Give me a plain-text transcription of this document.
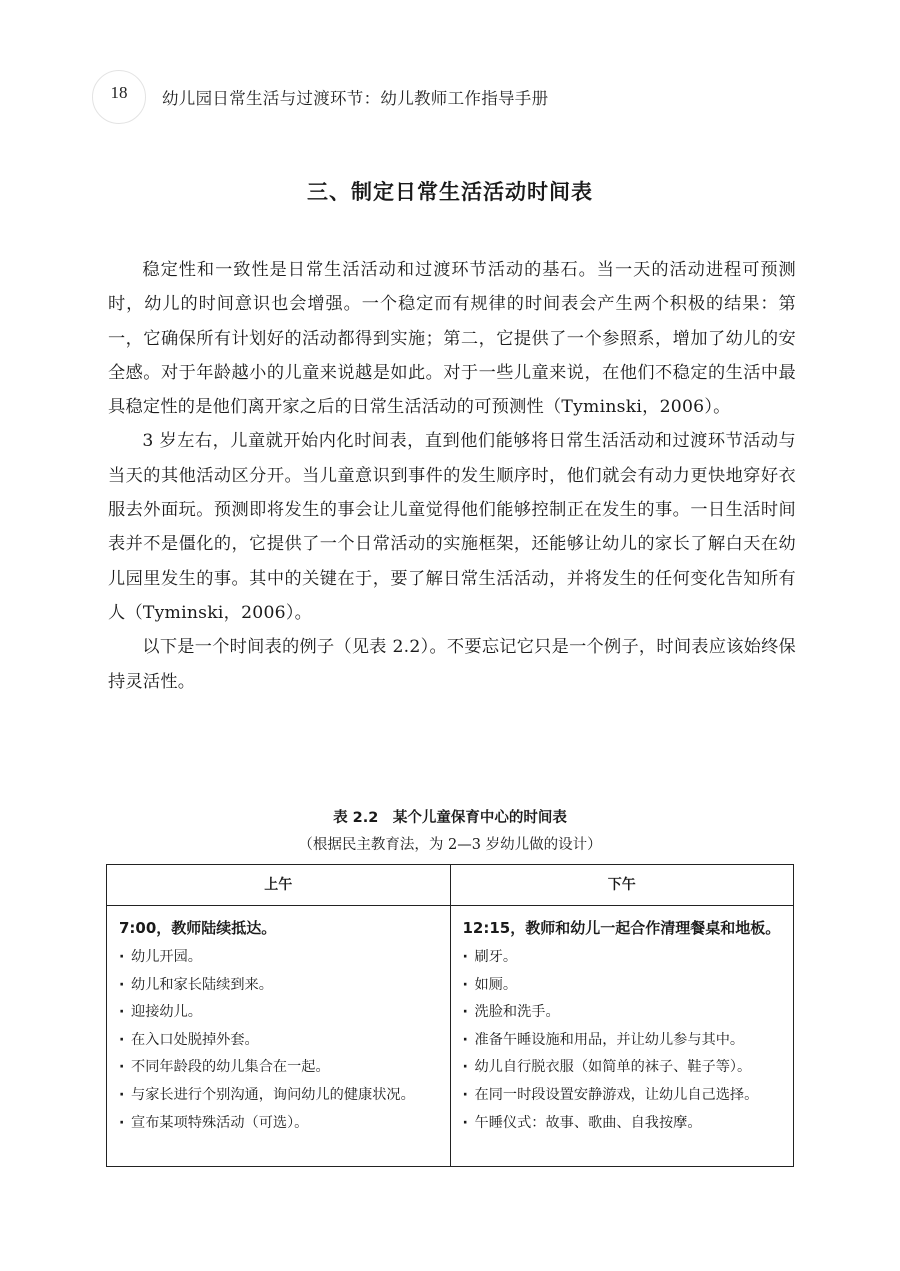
18	幼儿园日常生活与过渡环节：幼儿教师工作指导手册
三、制定日常生活活动时间表

稳定性和一致性是日常生活活动和过渡环节活动的基石。当一天的活动进程可预测时，幼儿的时间意识也会增强。一个稳定而有规律的时间表会产生两个积极的结果：第一，它确保所有计划好的活动都得到实施；第二，它提供了一个参照系，增加了幼儿的安全感。对于年龄越小的儿童来说越是如此。对于一些儿童来说，在他们不稳定的生活中最具稳定性的是他们离开家之后的日常生活活动的可预测性（Tyminski，2006）。

3 岁左右，儿童就开始内化时间表，直到他们能够将日常生活活动和过渡环节活动与当天的其他活动区分开。当儿童意识到事件的发生顺序时，他们就会有动力更快地穿好衣服去外面玩。预测即将发生的事会让儿童觉得他们能够控制正在发生的事。一日生活时间表并不是僵化的，它提供了一个日常活动的实施框架，还能够让幼儿的家长了解白天在幼儿园里发生的事。其中的关键在于，要了解日常生活活动，并将发生的任何变化告知所有人（Tyminski，2006）。

以下是一个时间表的例子（见表 2.2）。不要忘记它只是一个例子，时间表应该始终保持灵活性。

表 2.2　某个儿童保育中心的时间表
（根据民主教育法，为 2—3 岁幼儿做的设计）
上午	下午
7:00，教师陆续抵达。
· 幼儿开园。
· 幼儿和家长陆续到来。
· 迎接幼儿。
· 在入口处脱掉外套。
· 不同年龄段的幼儿集合在一起。
· 与家长进行个别沟通，询问幼儿的健康状况。
· 宣布某项特殊活动（可选）。
12:15，教师和幼儿一起合作清理餐桌和地板。
· 刷牙。
· 如厕。
· 洗脸和洗手。
· 准备午睡设施和用品，并让幼儿参与其中。
· 幼儿自行脱衣服（如简单的袜子、鞋子等）。
· 在同一时段设置安静游戏，让幼儿自己选择。
· 午睡仪式：故事、歌曲、自我按摩。
